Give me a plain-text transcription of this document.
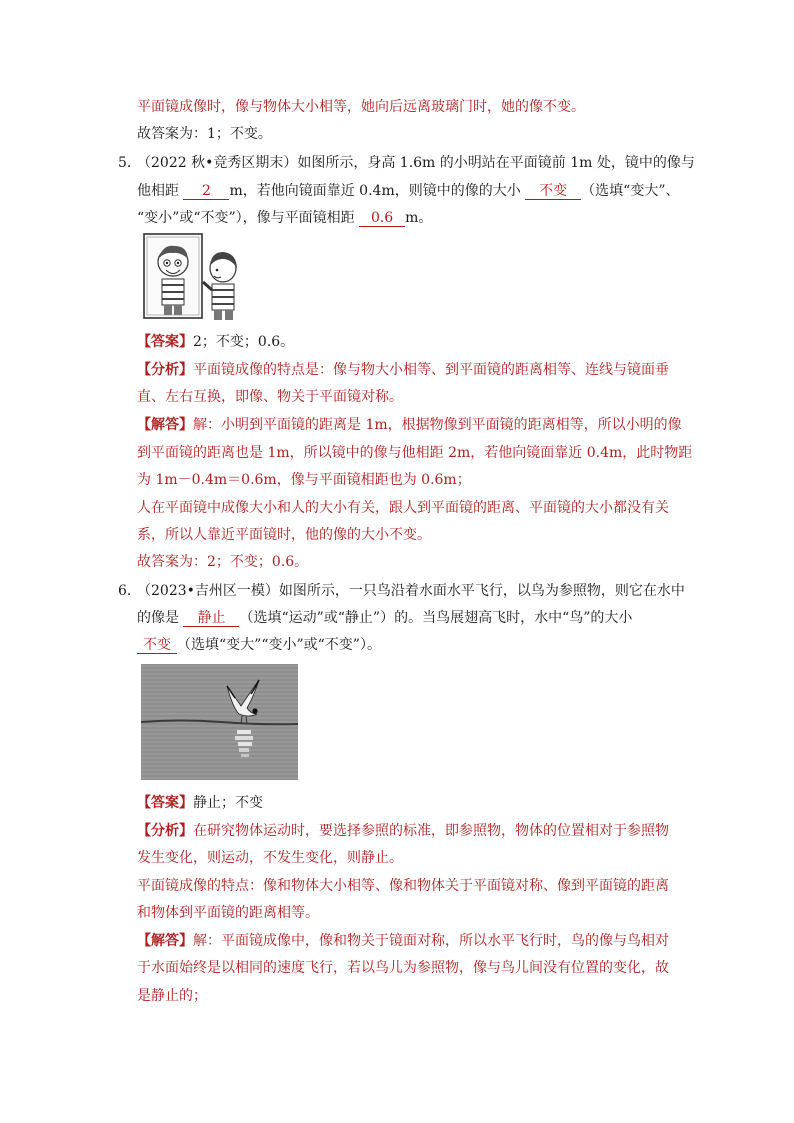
平面镜成像时，像与物体大小相等，她向后远离玻璃门时，她的像不变。
故答案为：1；不变。
5．
（2022 秋•竞秀区期末）如图所示，身高 1.6m 的小明站在平面镜前 1m 处，镜中的像与
他相距 2 m，若他向镜面靠近 0.4m，则镜中的像的大小 不变 （选填“变大”、
“变小”或“不变”），像与平面镜相距 0.6 m。
【答案】2；不变；0.6。
【分析】平面镜成像的特点是：像与物大小相等、到平面镜的距离相等、连线与镜面垂
直、左右互换，即像、物关于平面镜对称。
【解答】解：小明到平面镜的距离是 1m，根据物像到平面镜的距离相等，所以小明的像
到平面镜的距离也是 1m，所以镜中的像与他相距 2m，若他向镜面靠近 0.4m，此时物距
为 1m－0.4m＝0.6m，像与平面镜相距也为 0.6m；
人在平面镜中成像大小和人的大小有关，跟人到平面镜的距离、平面镜的大小都没有关
系，所以人靠近平面镜时，他的像的大小不变。
故答案为：2；不变；0.6。
6．
（2023•吉州区一模）如图所示，一只鸟沿着水面水平飞行，以鸟为参照物，则它在水中
的像是 静止 （选填“运动”或“静止”）的。当鸟展翅高飞时，水中“鸟”的大小
不变 （选填“变大”“变小”或“不变”）。
【答案】静止；不变
【分析】在研究物体运动时，要选择参照的标准，即参照物，物体的位置相对于参照物
发生变化，则运动，不发生变化，则静止。
平面镜成像的特点：像和物体大小相等、像和物体关于平面镜对称、像到平面镜的距离
和物体到平面镜的距离相等。
【解答】解：平面镜成像中，像和物关于镜面对称，所以水平飞行时，鸟的像与鸟相对
于水面始终是以相同的速度飞行，若以鸟儿为参照物，像与鸟儿间没有位置的变化，故
是静止的；
